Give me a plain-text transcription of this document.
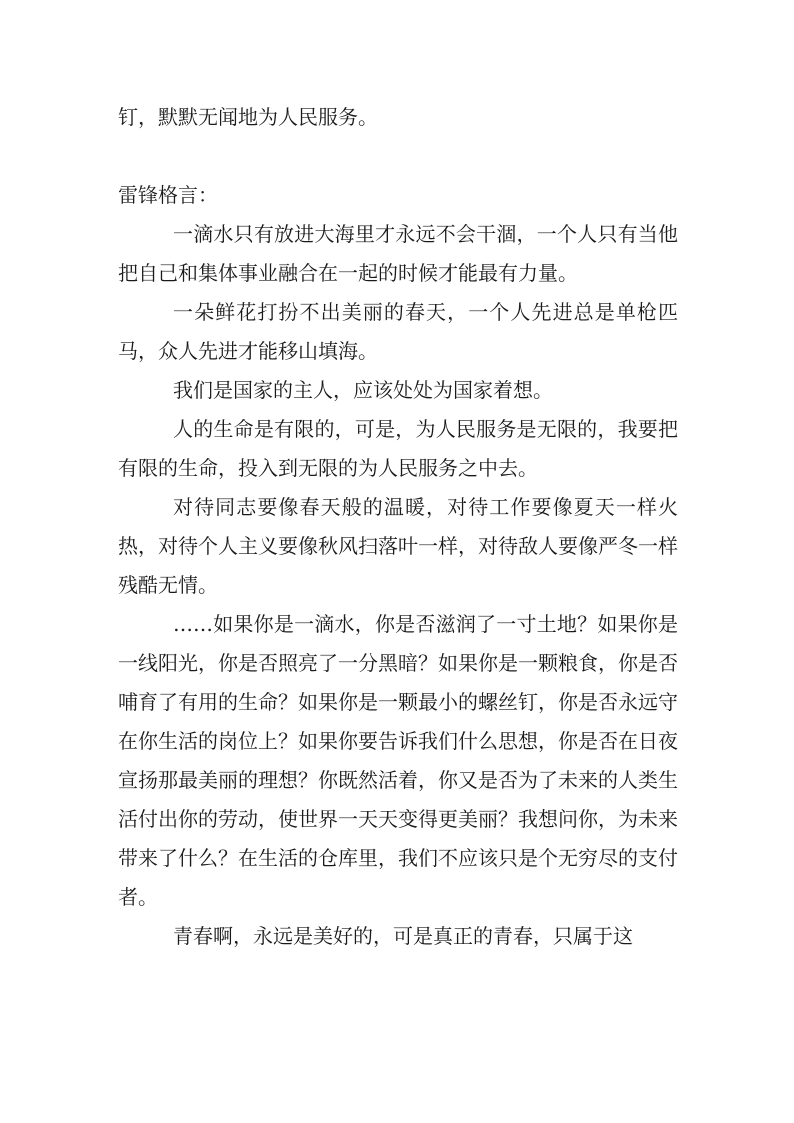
钉，默默无闻地为人民服务。

雷锋格言：

一滴水只有放进大海里才永远不会干涸，一个人只有当他把自己和集体事业融合在一起的时候才能最有力量。

一朵鲜花打扮不出美丽的春天，一个人先进总是单枪匹马，众人先进才能移山填海。

我们是国家的主人，应该处处为国家着想。

人的生命是有限的，可是，为人民服务是无限的，我要把有限的生命，投入到无限的为人民服务之中去。

对待同志要像春天般的温暖，对待工作要像夏天一样火热，对待个人主义要像秋风扫落叶一样，对待敌人要像严冬一样残酷无情。

……如果你是一滴水，你是否滋润了一寸土地？如果你是一线阳光，你是否照亮了一分黑暗？如果你是一颗粮食，你是否哺育了有用的生命？如果你是一颗最小的螺丝钉，你是否永远守在你生活的岗位上？如果你要告诉我们什么思想，你是否在日夜宣扬那最美丽的理想？你既然活着，你又是否为了未来的人类生活付出你的劳动，使世界一天天变得更美丽？我想问你，为未来带来了什么？在生活的仓库里，我们不应该只是个无穷尽的支付者。

青春啊，永远是美好的，可是真正的青春，只属于这
